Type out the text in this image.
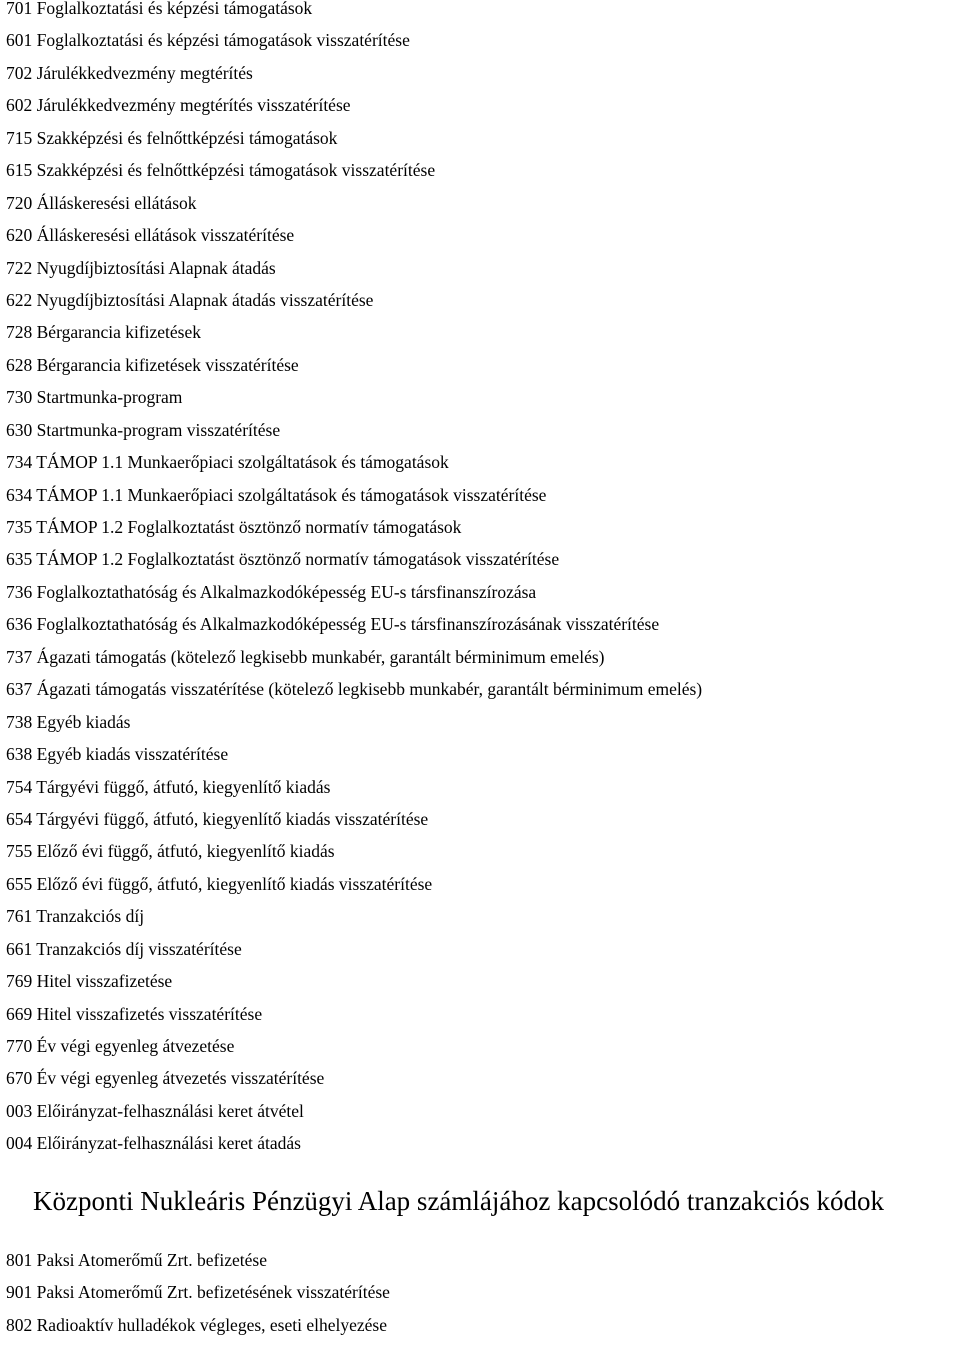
701 Foglalkoztatási és képzési támogatások
601 Foglalkoztatási és képzési támogatások visszatérítése
702 Járulékkedvezmény megtérítés
602 Járulékkedvezmény megtérítés visszatérítése
715 Szakképzési és felnőttképzési támogatások
615 Szakképzési és felnőttképzési támogatások visszatérítése
720 Álláskeresési ellátások
620 Álláskeresési ellátások visszatérítése
722 Nyugdíjbiztosítási Alapnak átadás
622 Nyugdíjbiztosítási Alapnak átadás visszatérítése
728 Bérgarancia kifizetések
628 Bérgarancia kifizetések visszatérítése
730 Startmunka-program
630 Startmunka-program visszatérítése
734 TÁMOP 1.1 Munkaerőpiaci szolgáltatások és támogatások
634 TÁMOP 1.1 Munkaerőpiaci szolgáltatások és támogatások visszatérítése
735 TÁMOP 1.2 Foglalkoztatást ösztönző normatív támogatások
635 TÁMOP 1.2 Foglalkoztatást ösztönző normatív támogatások visszatérítése
736 Foglalkoztathatóság és Alkalmazkodóképesség EU-s társfinanszírozása
636 Foglalkoztathatóság és Alkalmazkodóképesség EU-s társfinanszírozásának visszatérítése
737 Ágazati támogatás (kötelező legkisebb munkabér, garantált bérminimum emelés)
637 Ágazati támogatás visszatérítése (kötelező legkisebb munkabér, garantált bérminimum emelés)
738 Egyéb kiadás
638 Egyéb kiadás visszatérítése
754 Tárgyévi függő, átfutó, kiegyenlítő kiadás
654 Tárgyévi függő, átfutó, kiegyenlítő kiadás visszatérítése
755 Előző évi függő, átfutó, kiegyenlítő kiadás
655 Előző évi függő, átfutó, kiegyenlítő kiadás visszatérítése
761 Tranzakciós díj
661 Tranzakciós díj visszatérítése
769 Hitel visszafizetése
669 Hitel visszafizetés visszatérítése
770 Év végi egyenleg átvezetése
670 Év végi egyenleg átvezetés visszatérítése
003 Előirányzat-felhasználási keret átvétel
004 Előirányzat-felhasználási keret átadás
Központi Nukleáris Pénzügyi Alap számlájához kapcsolódó tranzakciós kódok
801 Paksi Atomerőmű Zrt. befizetése
901 Paksi Atomerőmű Zrt. befizetésének visszatérítése
802 Radioaktív hulladékok végleges, eseti elhelyezése
